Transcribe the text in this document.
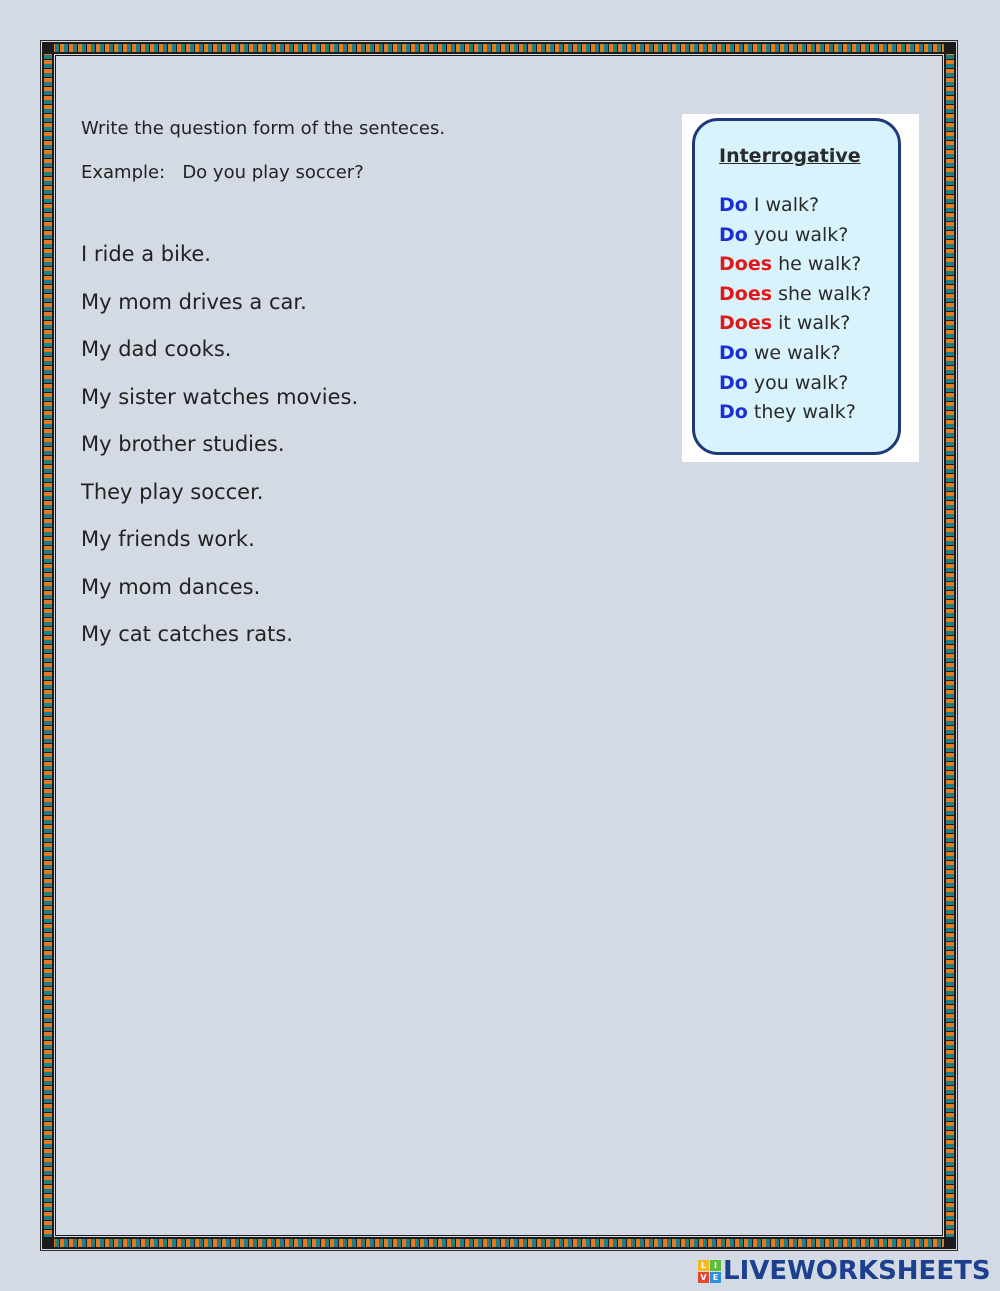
Write the question form of the senteces.

Example:   Do you play soccer?

I ride a bike.
My mom drives a car.
My dad cooks.
My sister watches movies.
My brother studies.
They play soccer.
My friends work.
My mom dances.
My cat catches rats.

Interrogative

Do I walk?
Do you walk?
Does he walk?
Does she walk?
Does it walk?
Do we walk?
Do you walk?
Do they walk?
L I
V E LIVEWORKSHEETS
